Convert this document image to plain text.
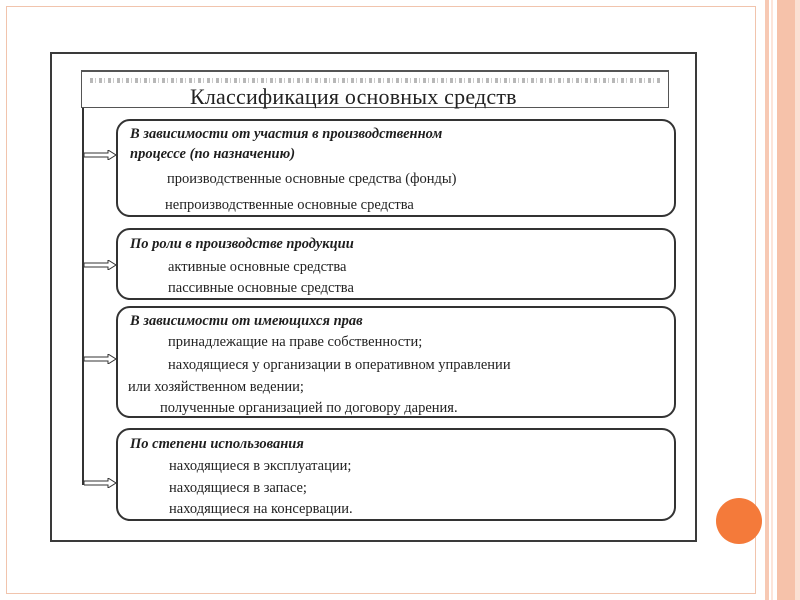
Классификация основных средств
В зависимости от участия в производственном
процессе (по назначению)
производственные основные средства (фонды)
непроизводственные основные средства
По роли в производстве продукции
активные основные средства
пассивные основные средства
В зависимости от имеющихся прав
принадлежащие на праве собственности;
находящиеся у организации в оперативном управлении
или хозяйственном ведении;
полученные организацией по договору дарения.
По степени использования
находящиеся в эксплуатации;
находящиеся в запасе;
находящиеся на консервации.
